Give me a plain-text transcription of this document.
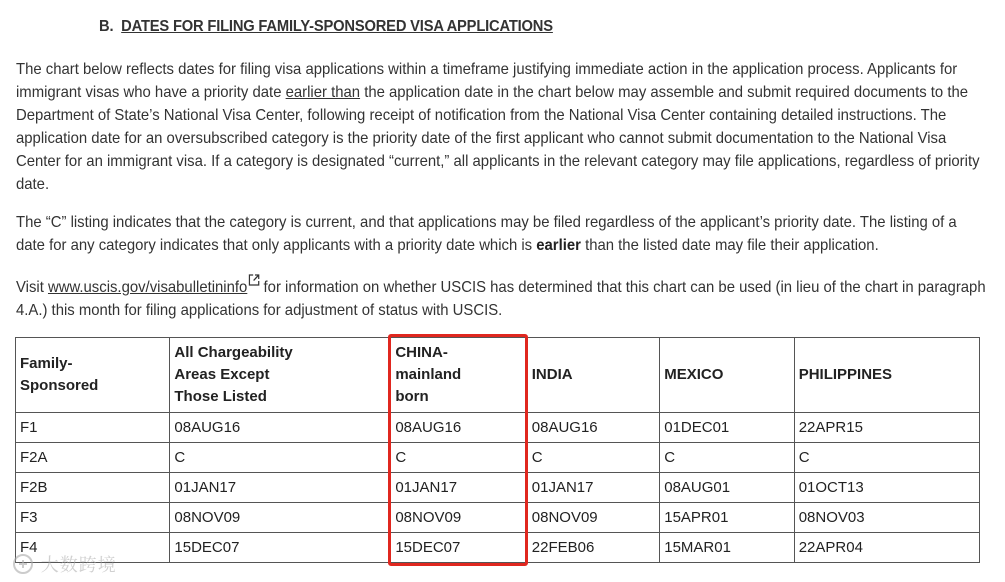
B. DATES FOR FILING FAMILY-SPONSORED VISA APPLICATIONS

The chart below reflects dates for filing visa applications within a timeframe justifying immediate action in the application process. Applicants for immigrant visas who have a priority date earlier than the application date in the chart below may assemble and submit required documents to the Department of State’s National Visa Center, following receipt of notification from the National Visa Center containing detailed instructions. The application date for an oversubscribed category is the priority date of the first applicant who cannot submit documentation to the National Visa Center for an immigrant visa. If a category is designated “current,” all applicants in the relevant category may file applications, regardless of priority date.

The “C” listing indicates that the category is current, and that applications may be filed regardless of the applicant’s priority date. The listing of a date for any category indicates that only applicants with a priority date which is earlier than the listed date may file their application.

Visit www.uscis.gov/visabulletininfo for information on whether USCIS has determined that this chart can be used (in lieu of the chart in paragraph 4.A.) this month for filing applications for adjustment of status with USCIS.

Family-
Sponsored	All Chargeability
Areas Except
Those Listed	CHINA-
mainland
born	INDIA	MEXICO	PHILIPPINES
F1	08AUG16	08AUG16	08AUG16	01DEC01	22APR15
F2A	C	C	C	C	C
F2B	01JAN17	01JAN17	01JAN17	08AUG01	01OCT13
F3	08NOV09	08NOV09	08NOV09	15APR01	08NOV03
F4	15DEC07	15DEC07	22FEB06	15MAR01	22APR04
大数跨境
